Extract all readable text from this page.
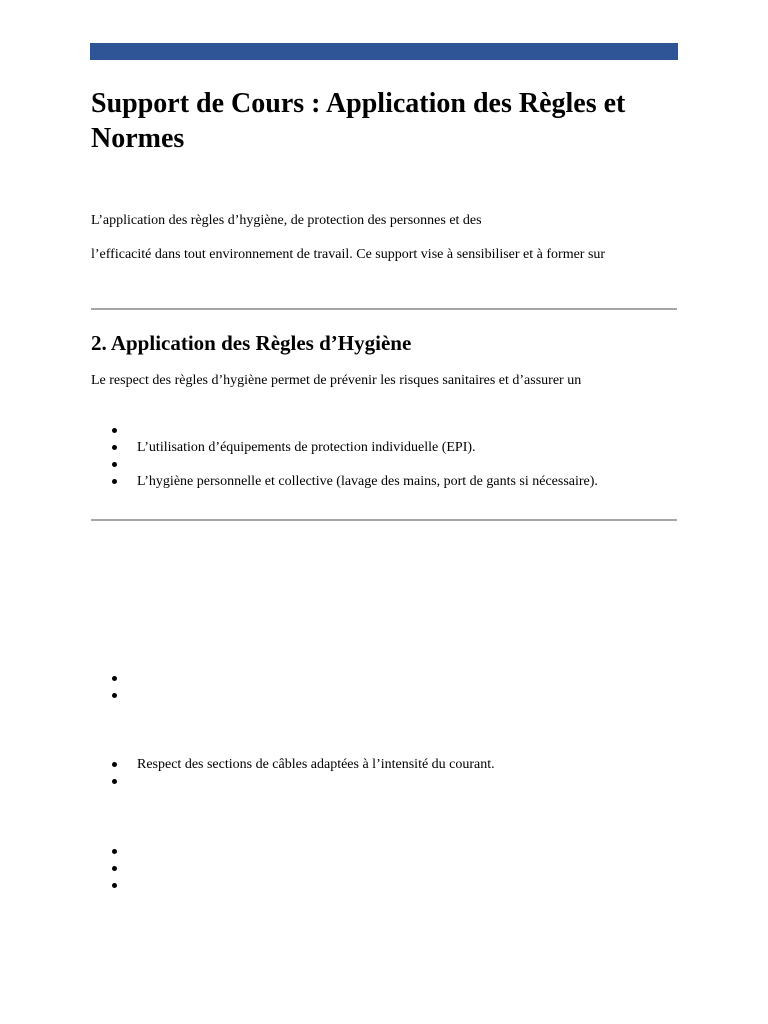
Support de Cours : Application des Règles et Normes

L’application des règles d’hygiène, de protection des personnes et des

l’efficacité dans tout environnement de travail. Ce support vise à sensibiliser et à former sur

2. Application des Règles d’Hygiène

Le respect des règles d’hygiène permet de prévenir les risques sanitaires et d’assurer un

L’utilisation d’équipements de protection individuelle (EPI).
L’hygiène personnelle et collective (lavage des mains, port de gants si nécessaire).
Respect des sections de câbles adaptées à l’intensité du courant.
